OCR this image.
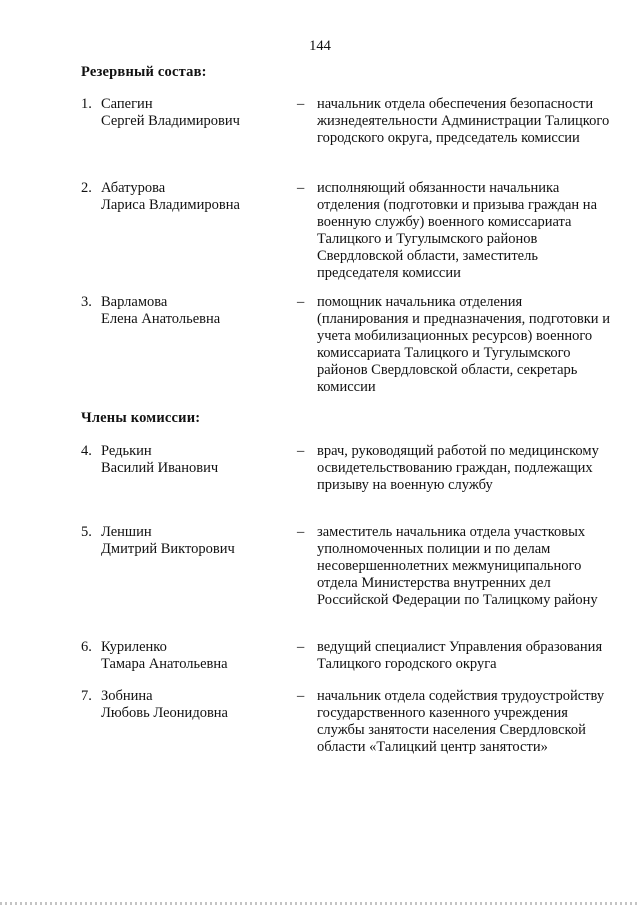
144
Резервный состав:
1. Сапегин
Сергей Владимирович
– начальник отдела обеспечения безопасности жизнедеятельности Администрации Талицкого городского округа, председатель комиссии
2. Абатурова
Лариса Владимировна
– исполняющий обязанности начальника отделения (подготовки и призыва граждан на военную службу) военного комиссариата Талицкого и Тугулымского районов Свердловской области, заместитель председателя комиссии
3. Варламова
Елена Анатольевна
– помощник начальника отделения (планирования и предназначения, подготовки и учета мобилизационных ресурсов) военного комиссариата Талицкого и Тугулымского районов Свердловской области, секретарь комиссии
Члены комиссии:
4. Редькин
Василий Иванович
– врач, руководящий работой по медицинскому освидетельствованию граждан, подлежащих призыву на военную службу
5. Леншин
Дмитрий Викторович
– заместитель начальника отдела участковых уполномоченных полиции и по делам несовершеннолетних межмуниципального отдела Министерства внутренних дел Российской Федерации по Талицкому району
6. Куриленко
Тамара Анатольевна
– ведущий специалист Управления образования Талицкого городского округа
7. Зобнина
Любовь Леонидовна
– начальник отдела содействия трудоустройству государственного казенного учреждения службы занятости населения Свердловской области «Талицкий центр занятости»
